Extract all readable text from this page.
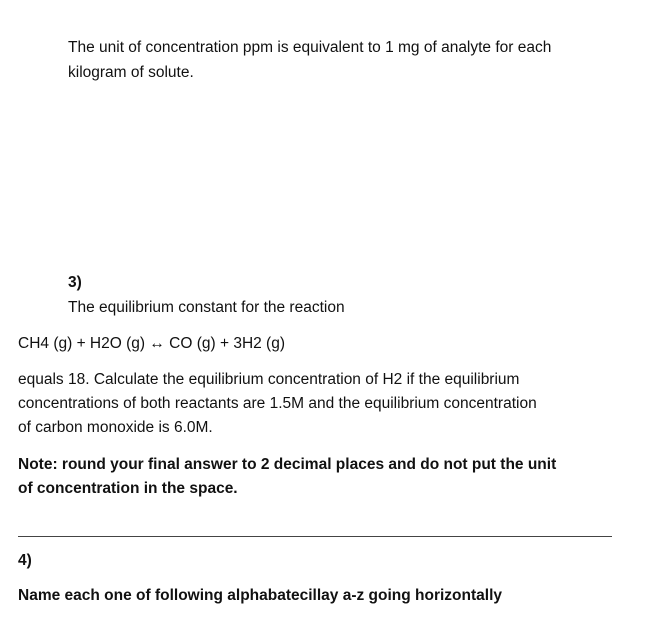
The unit of concentration ppm is equivalent to 1 mg of analyte for each

kilogram of solute.

3)

The equilibrium constant for the reaction

CH4 (g) + H2O (g) ↔ CO (g) + 3H2 (g)

equals 18. Calculate the equilibrium concentration of H2 if the equilibrium

concentrations of both reactants are 1.5M and the equilibrium concentration

of carbon monoxide is 6.0M.

Note: round your final answer to 2 decimal places and do not put the unit

of concentration in the space.

4)

Name each one of following alphabatecillay a-z going horizontally
